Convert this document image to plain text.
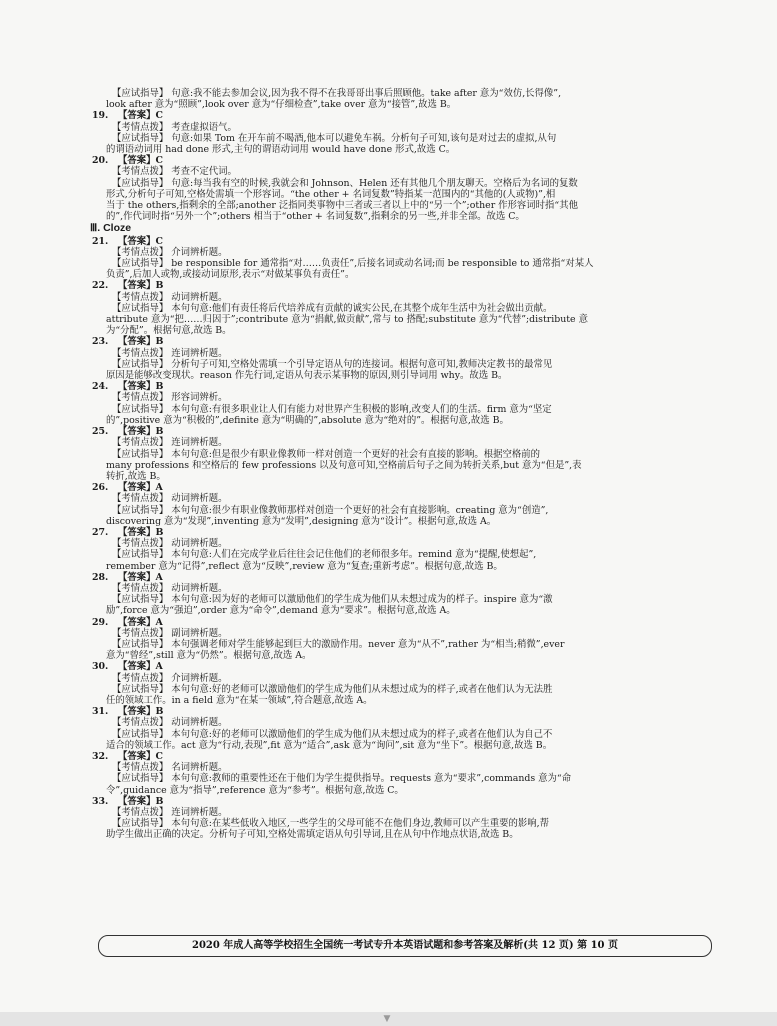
【应试指导】 句意:我不能去参加会议,因为我不得不在我哥哥出事后照顾他。take after 意为“效仿,长得像”,
look after 意为“照顾”,look over 意为“仔细检查”,take over 意为“接管”,故选 B。
19. 【答案】C
【考情点拨】 考查虚拟语气。
【应试指导】 句意:如果 Tom 在开车前不喝酒,他本可以避免车祸。分析句子可知,该句是对过去的虚拟,从句
的谓语动词用 had done 形式,主句的谓语动词用 would have done 形式,故选 C。
20. 【答案】C
【考情点拨】 考查不定代词。
【应试指导】 句意:每当我有空的时候,我就会和 Johnson、Helen 还有其他几个朋友聊天。空格后为名词的复数
形式,分析句子可知,空格处需填一个形容词。“the other + 名词复数”特指某一范围内的“其他的(人或物)”,相
当于 the others,指剩余的全部;another 泛指同类事物中三者或三者以上中的“另一个”;other 作形容词时指“其他
的”,作代词时指“另外一个”;others 相当于“other + 名词复数”,指剩余的另一些,并非全部。故选 C。
Ⅲ. Cloze
21. 【答案】C
【考情点拨】 介词辨析题。
【应试指导】 be responsible for 通常指“对……负责任”,后接名词或动名词;而 be responsible to 通常指“对某人
负责”,后加人或物,或接动词原形,表示“对做某事负有责任”。
22. 【答案】B
【考情点拨】 动词辨析题。
【应试指导】 本句句意:他们有责任将后代培养成有贡献的诚实公民,在其整个成年生活中为社会做出贡献。
attribute 意为“把……归因于”;contribute 意为“捐献,做贡献”,常与 to 搭配;substitute 意为“代替”;distribute 意
为“分配”。根据句意,故选 B。
23. 【答案】B
【考情点拨】 连词辨析题。
【应试指导】 分析句子可知,空格处需填一个引导定语从句的连接词。根据句意可知,教师决定教书的最常见
原因是能够改变现状。reason 作先行词,定语从句表示某事物的原因,则引导词用 why。故选 B。
24. 【答案】B
【考情点拨】 形容词辨析。
【应试指导】 本句句意:有很多职业让人们有能力对世界产生积极的影响,改变人们的生活。firm 意为“坚定
的”,positive 意为“积极的”,definite 意为“明确的”,absolute 意为“绝对的”。根据句意,故选 B。
25. 【答案】B
【考情点拨】 连词辨析题。
【应试指导】 本句句意:但是很少有职业像教师一样对创造一个更好的社会有直接的影响。根据空格前的
many professions 和空格后的 few professions 以及句意可知,空格前后句子之间为转折关系,but 意为“但是”,表
转折,故选 B。
26. 【答案】A
【考情点拨】 动词辨析题。
【应试指导】 本句句意:很少有职业像教师那样对创造一个更好的社会有直接影响。creating 意为“创造”,
discovering 意为“发现”,inventing 意为“发明”,designing 意为“设计”。根据句意,故选 A。
27. 【答案】B
【考情点拨】 动词辨析题。
【应试指导】 本句句意:人们在完成学业后往往会记住他们的老师很多年。remind 意为“提醒,使想起”,
remember 意为“记得”,reflect 意为“反映”,review 意为“复查;重新考虑”。根据句意,故选 B。
28. 【答案】A
【考情点拨】 动词辨析题。
【应试指导】 本句句意:因为好的老师可以激励他们的学生成为他们从未想过成为的样子。inspire 意为“激
励”,force 意为“强迫”,order 意为“命令”,demand 意为“要求”。根据句意,故选 A。
29. 【答案】A
【考情点拨】 副词辨析题。
【应试指导】 本句强调老师对学生能够起到巨大的激励作用。never 意为“从不”,rather 为“相当;稍微”,ever
意为“曾经”,still 意为“仍然”。根据句意,故选 A。
30. 【答案】A
【考情点拨】 介词辨析题。
【应试指导】 本句句意:好的老师可以激励他们的学生成为他们从未想过成为的样子,或者在他们认为无法胜
任的领域工作。in a field 意为“在某一领域”,符合题意,故选 A。
31. 【答案】B
【考情点拨】 动词辨析题。
【应试指导】 本句句意:好的老师可以激励他们的学生成为他们从未想过成为的样子,或者在他们认为自己不
适合的领域工作。act 意为“行动,表现”,fit 意为“适合”,ask 意为“询问”,sit 意为“坐下”。根据句意,故选 B。
32. 【答案】C
【考情点拨】 名词辨析题。
【应试指导】 本句句意:教师的重要性还在于他们为学生提供指导。requests 意为“要求”,commands 意为“命
令”,guidance 意为“指导”,reference 意为“参考”。根据句意,故选 C。
33. 【答案】B
【考情点拨】 连词辨析题。
【应试指导】 本句句意:在某些低收入地区,一些学生的父母可能不在他们身边,教师可以产生重要的影响,帮
助学生做出正确的决定。分析句子可知,空格处需填定语从句引导词,且在从句中作地点状语,故选 B。
2020 年成人高等学校招生全国统一考试专升本英语试题和参考答案及解析(共 12 页) 第 10 页
▼
